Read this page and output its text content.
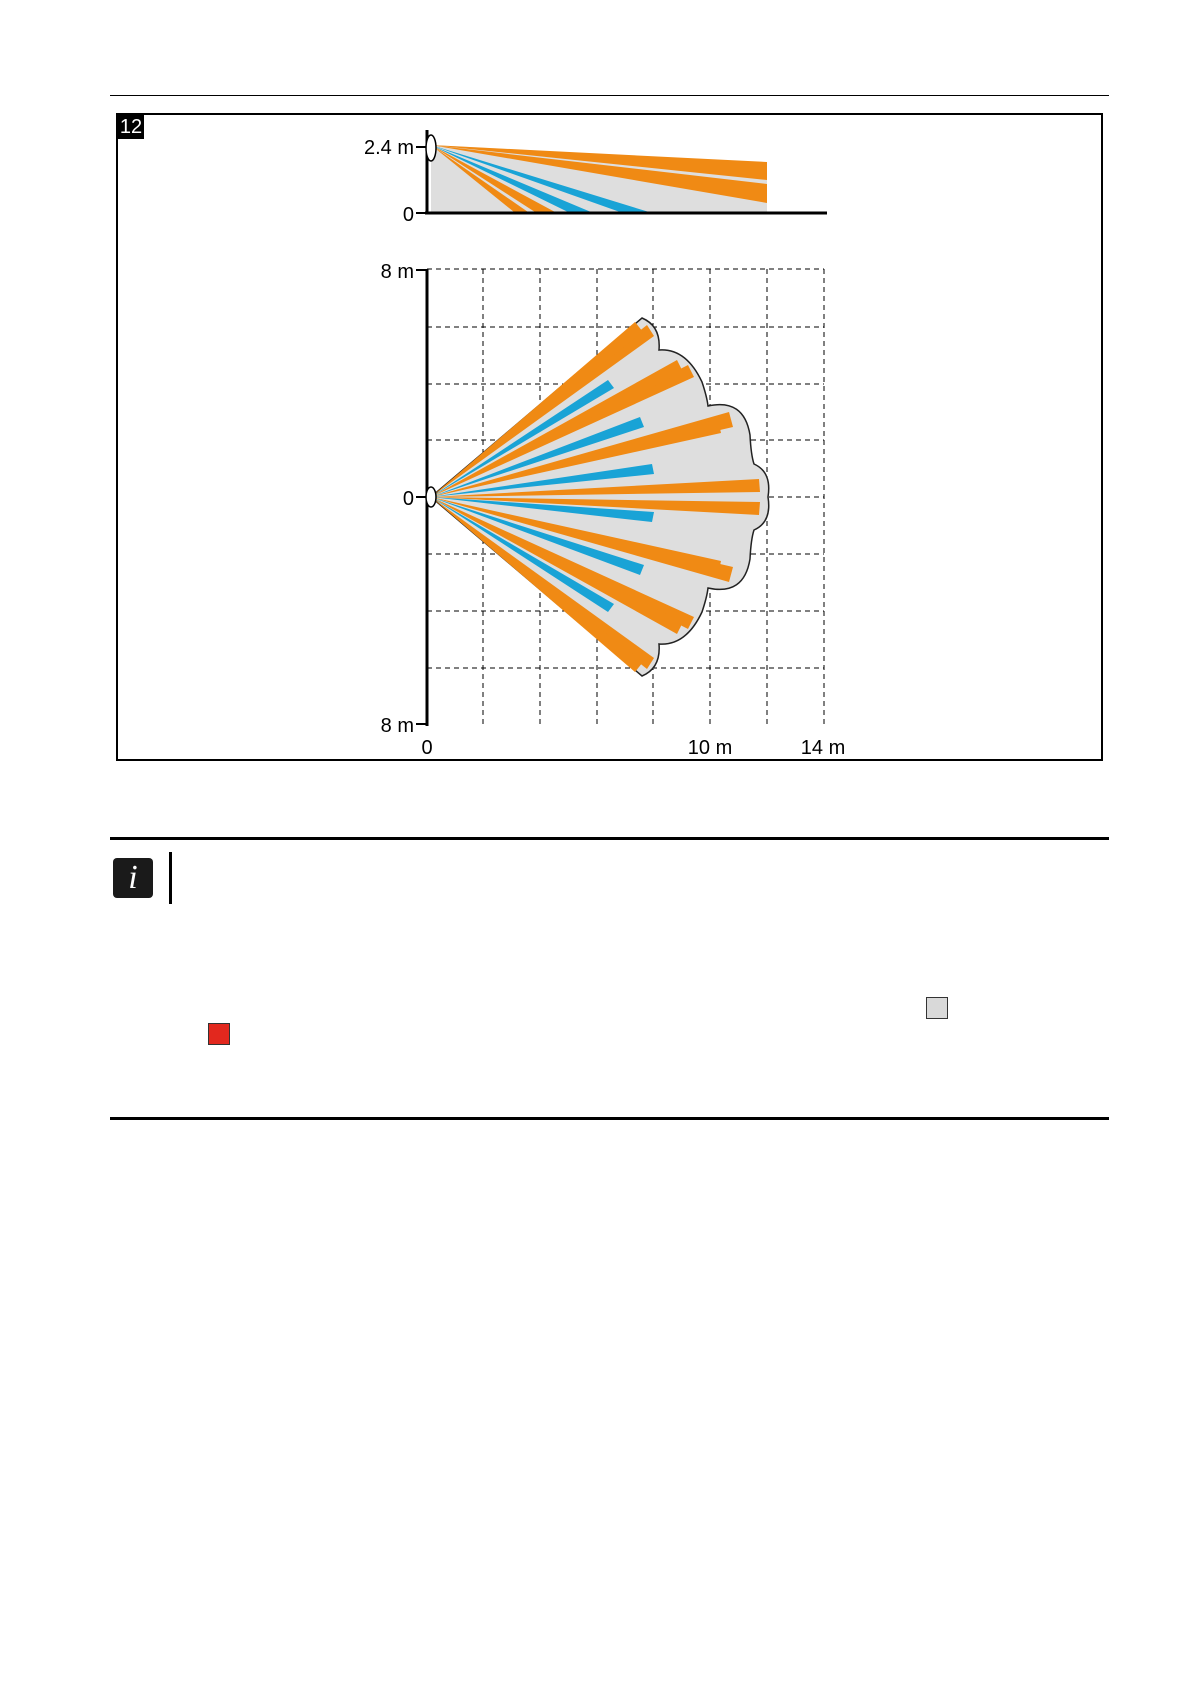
12
2.4 m
0
8 m
0
8 m
0	10 m	14 m
i
